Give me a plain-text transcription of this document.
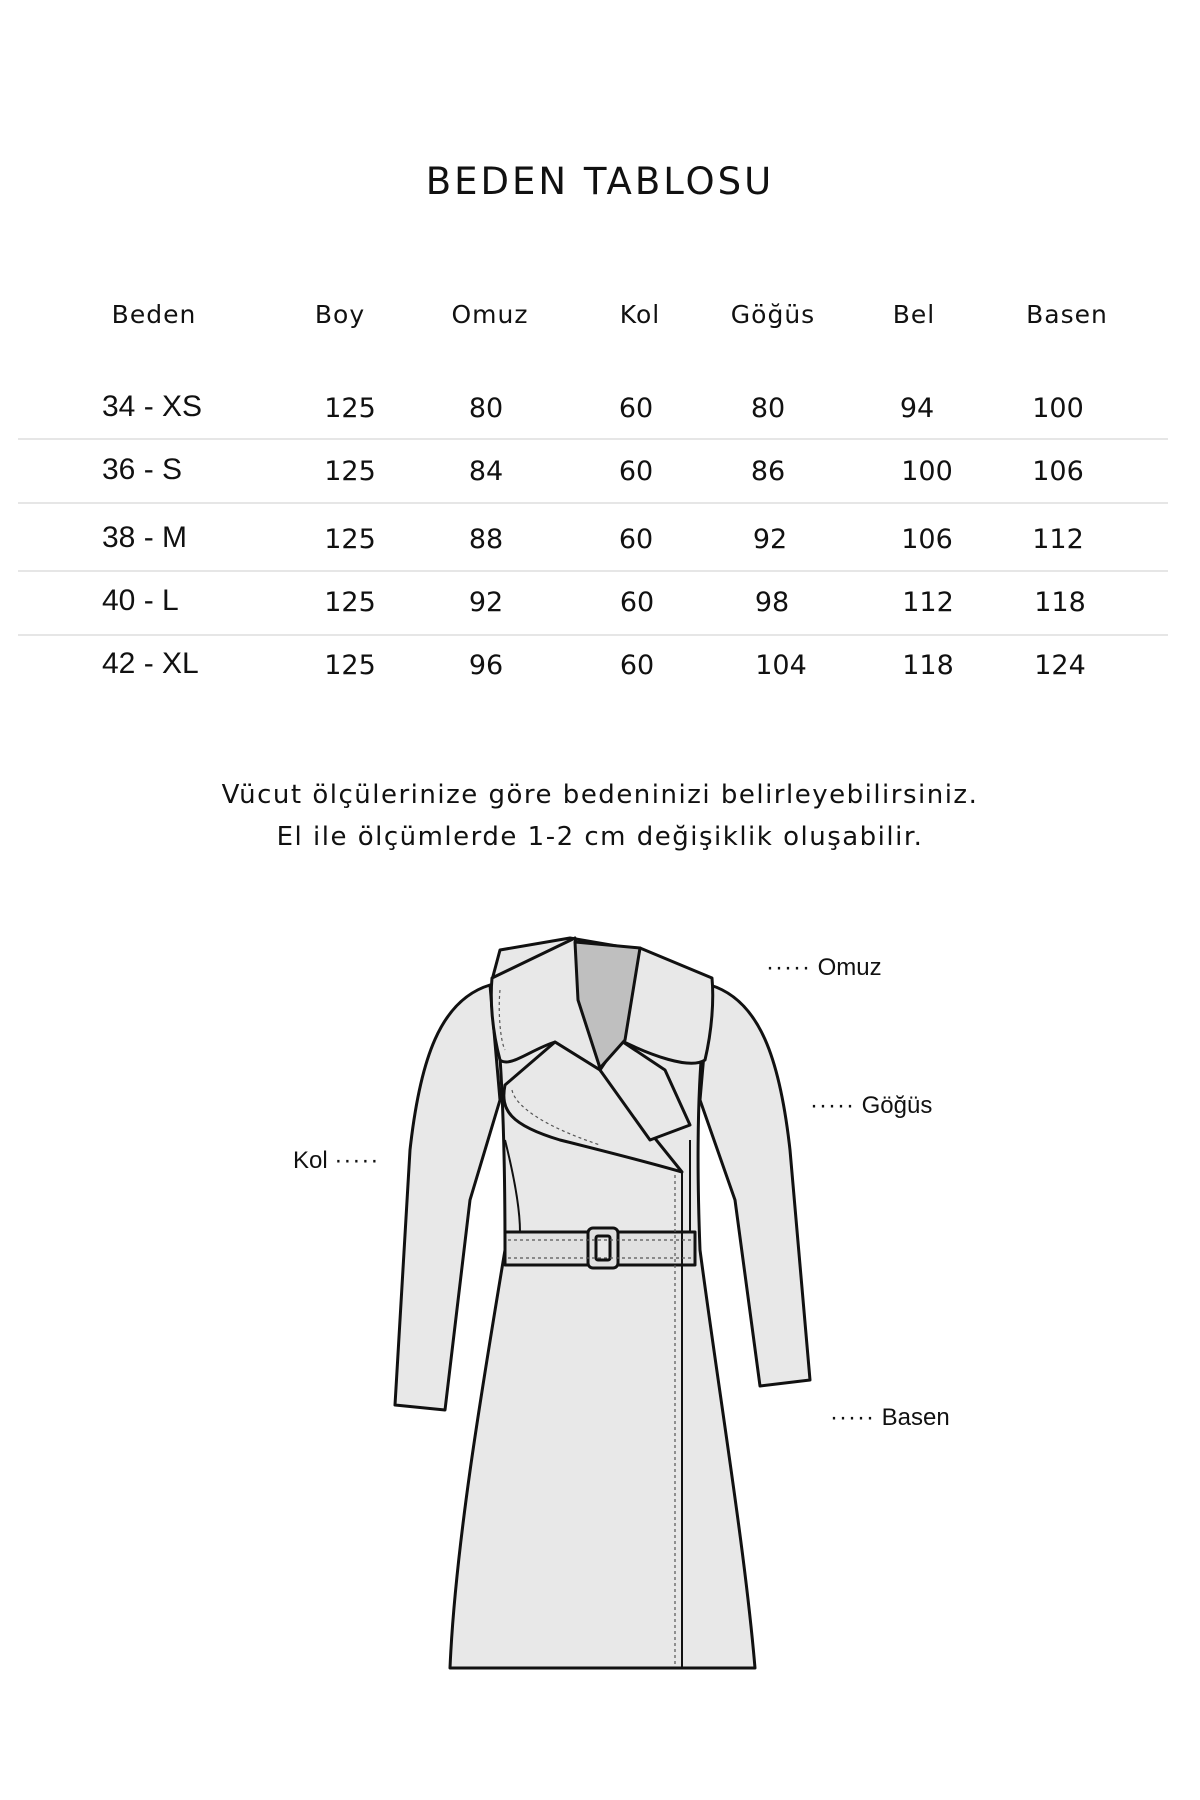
BEDEN TABLOSU
Beden	Boy	Omuz	Kol	Göğüs	Bel	Basen
34 - XS	125	80	60	80	94	100
36 - S	125	84	60	86	100	106
38 - M	125	88	60	92	106	112
40 - L	125	92	60	98	112	118
42 - XL	125	96	60	104	118	124
Vücut ölçülerinize göre bedeninizi belirleyebilirsiniz.
El ile ölçümlerde 1-2 cm değişiklik oluşabilir.
····· Omuz
····· Göğüs
Kol ·····
····· Basen
